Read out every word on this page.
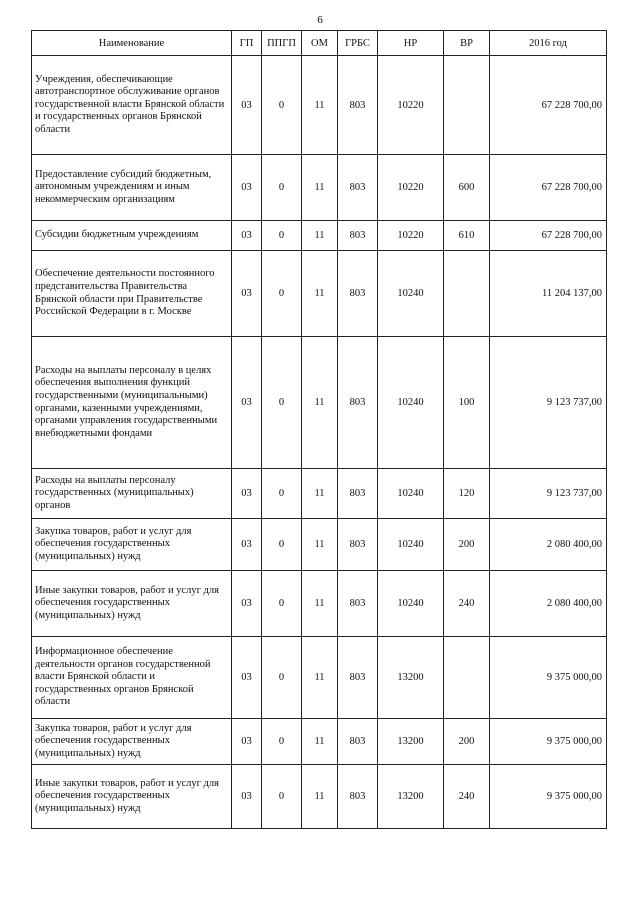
6
Наименование	ГП	ППГП	ОМ	ГРБС	НР	ВР	2016 год
Учреждения, обеспечивающие автотранспортное обслуживание органов государственной власти Брянской области и государственных органов Брянской области	03	0	11	803	10220		67 228 700,00
Предоставление субсидий бюджетным, автономным учреждениям и иным некоммерческим организациям	03	0	11	803	10220	600	67 228 700,00
Субсидии бюджетным учреждениям	03	0	11	803	10220	610	67 228 700,00
Обеспечение деятельности постоянного представительства Правительства Брянской области при Правительстве Российской Федерации в г. Москве	03	0	11	803	10240		11 204 137,00
Расходы на выплаты персоналу в целях обеспечения выполнения функций государственными (муниципальными) органами, казенными учреждениями, органами управления государственными внебюджетными фондами	03	0	11	803	10240	100	9 123 737,00
Расходы на выплаты персоналу государственных (муниципальных) органов	03	0	11	803	10240	120	9 123 737,00
Закупка товаров, работ и услуг для обеспечения государственных (муниципальных) нужд	03	0	11	803	10240	200	2 080 400,00
Иные закупки товаров, работ и услуг для обеспечения государственных (муниципальных) нужд	03	0	11	803	10240	240	2 080 400,00
Информационное обеспечение деятельности органов государственной власти Брянской области и государственных органов Брянской области	03	0	11	803	13200		9 375 000,00
Закупка товаров, работ и услуг для обеспечения государственных (муниципальных) нужд	03	0	11	803	13200	200	9 375 000,00
Иные закупки товаров, работ и услуг для обеспечения государственных (муниципальных) нужд	03	0	11	803	13200	240	9 375 000,00
